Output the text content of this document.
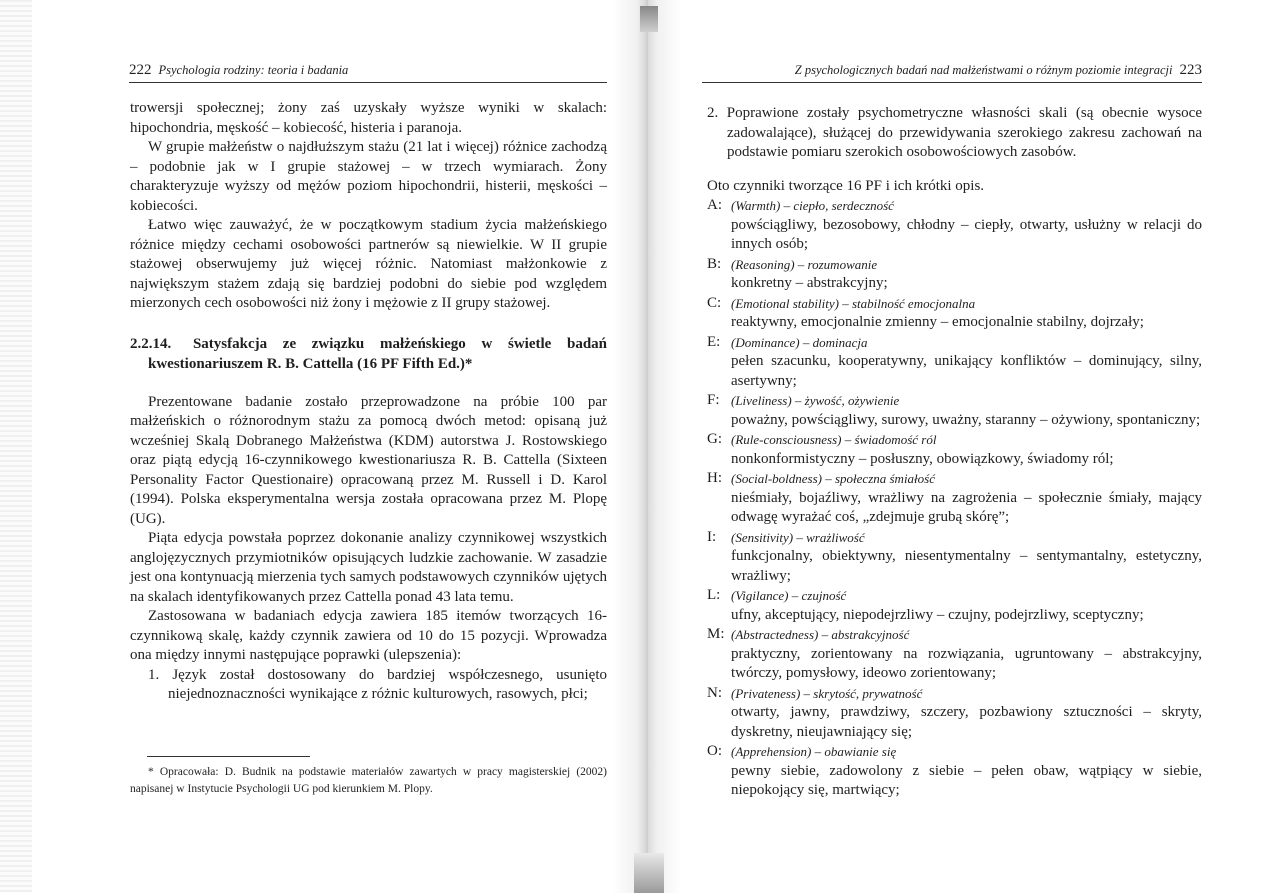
222 Psychologia rodziny: teoria i badania

trowersji społecznej; żony zaś uzyskały wyższe wyniki w skalach: hipochondria, męskość – kobiecość, histeria i paranoja.

W grupie małżeństw o najdłuższym stażu (21 lat i więcej) różnice zachodzą – podobnie jak w I grupie stażowej – w trzech wymiarach. Żony charakteryzuje wyższy od mężów poziom hipochondrii, histerii, męskości – kobiecości.

Łatwo więc zauważyć, że w początkowym stadium życia małżeńskiego różnice między cechami osobowości partnerów są niewielkie. W II grupie stażowej obserwujemy już więcej różnic. Natomiast małżonkowie z największym stażem zdają się bardziej podobni do siebie pod względem mierzonych cech osobowości niż żony i mężowie z II grupy stażowej.

2.2.14. Satysfakcja ze związku małżeńskiego w świetle badań kwestionariuszem R. B. Cattella (16 PF Fifth Ed.)*

Prezentowane badanie zostało przeprowadzone na próbie 100 par małżeńskich o różnorodnym stażu za pomocą dwóch metod: opisaną już wcześniej Skalą Dobranego Małżeństwa (KDM) autorstwa J. Rostowskiego oraz piątą edycją 16-czynnikowego kwestionariusza R. B. Cattella (Sixteen Personality Factor Questionaire) opracowaną przez M. Russell i D. Karol (1994). Polska eksperymentalna wersja została opracowana przez M. Plopę (UG).

Piąta edycja powstała poprzez dokonanie analizy czynnikowej wszystkich anglojęzycznych przymiotników opisujących ludzkie zachowanie. W zasadzie jest ona kontynuacją mierzenia tych samych podstawowych czynników ujętych na skalach identyfikowanych przez Cattella ponad 43 lata temu.

Zastosowana w badaniach edycja zawiera 185 itemów tworzących 16-czynnikową skalę, każdy czynnik zawiera od 10 do 15 pozycji. Wprowadza ona między innymi następujące poprawki (ulepszenia):

1. Język został dostosowany do bardziej współczesnego, usunięto niejednoznaczności wynikające z różnic kulturowych, rasowych, płci;

* Opracowała: D. Budnik na podstawie materiałów zawartych w pracy magisterskiej (2002) napisanej w Instytucie Psychologii UG pod kierunkiem M. Plopy.

Z psychologicznych badań nad małżeństwami o różnym poziomie integracji 223

2. Poprawione zostały psychometryczne własności skali (są obecnie wysoce zadowalające), służącej do przewidywania szerokiego zakresu zachowań na podstawie pomiaru szerokich osobowościowych zasobów.

Oto czynniki tworzące 16 PF i ich krótki opis.

A: (Warmth) – ciepło, serdeczność
powściągliwy, bezosobowy, chłodny – ciepły, otwarty, usłużny w relacji do innych osób;
B: (Reasoning) – rozumowanie
konkretny – abstrakcyjny;
C: (Emotional stability) – stabilność emocjonalna
reaktywny, emocjonalnie zmienny – emocjonalnie stabilny, dojrzały;
E: (Dominance) – dominacja
pełen szacunku, kooperatywny, unikający konfliktów – dominujący, silny, asertywny;
F: (Liveliness) – żywość, ożywienie
poważny, powściągliwy, surowy, uważny, staranny – ożywiony, spontaniczny;
G: (Rule-consciousness) – świadomość ról
nonkonformistyczny – posłuszny, obowiązkowy, świadomy ról;
H: (Social-boldness) – społeczna śmiałość
nieśmiały, bojaźliwy, wrażliwy na zagrożenia – społecznie śmiały, mający odwagę wyrażać coś, „zdejmuje grubą skórę”;
I:	(Sensitivity) – wrażliwość
funkcjonalny, obiektywny, niesentymentalny – sentymantalny, estetyczny, wrażliwy;
L: (Vigilance) – czujność
ufny, akceptujący, niepodejrzliwy – czujny, podejrzliwy, sceptyczny;
M: (Abstractedness) – abstrakcyjność
praktyczny, zorientowany na rozwiązania, ugruntowany – abstrakcyjny, twórczy, pomysłowy, ideowo zorientowany;
N: (Privateness) – skrytość, prywatność
otwarty, jawny, prawdziwy, szczery, pozbawiony sztuczności – skryty, dyskretny, nieujawniający się;
O: (Apprehension) – obawianie się
pewny siebie, zadowolony z siebie – pełen obaw, wątpiący w siebie, niepokojący się, martwiący;
